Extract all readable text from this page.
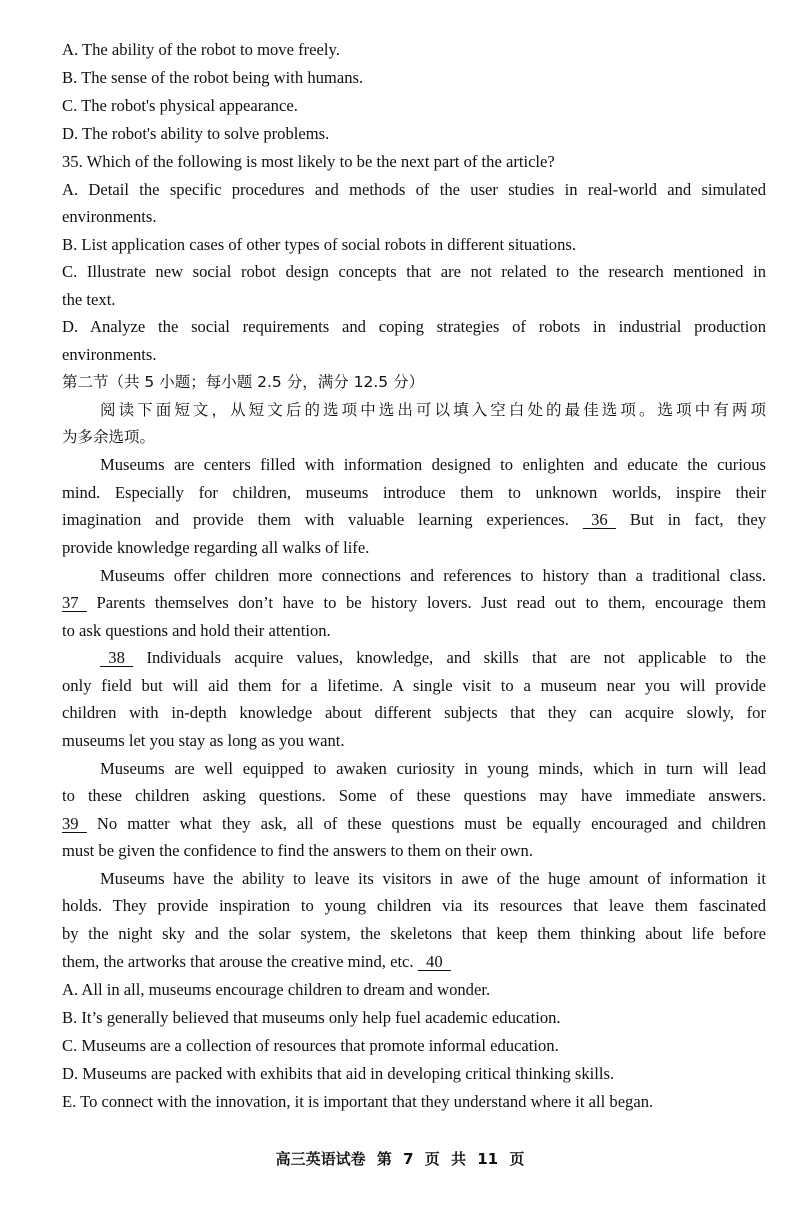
A. The ability of the robot to move freely.
B. The sense of the robot being with humans.
C. The robot's physical appearance.
D. The robot's ability to solve problems.
35. Which of the following is most likely to be the next part of the article?
A. Detail the specific procedures and methods of the user studies in real-world and simulated
environments.
B. List application cases of other types of social robots in different situations.
C. Illustrate new social robot design concepts that are not related to the research mentioned in
the text.
D. Analyze the social requirements and coping strategies of robots in industrial production
environments.
第二节（共 5 小题；每小题 2.5 分，满分 12.5 分）
阅读下面短文，从短文后的选项中选出可以填入空白处的最佳选项。选项中有两项
为多余选项。
Museums are centers filled with information designed to enlighten and educate the curious
mind. Especially for children, museums introduce them to unknown worlds, inspire their
imagination and provide them with valuable learning experiences.   36   But in fact, they
provide knowledge regarding all walks of life.
Museums offer children more connections and references to history than a traditional class.
37   Parents themselves don’t have to be history lovers. Just read out to them, encourage them
to ask questions and hold their attention.
38   Individuals acquire values, knowledge, and skills that are not applicable to the
only field but will aid them for a lifetime. A single visit to a museum near you will provide
children with in-depth knowledge about different subjects that they can acquire slowly, for
museums let you stay as long as you want.
Museums are well equipped to awaken curiosity in young minds, which in turn will lead
to these children asking questions. Some of these questions may have immediate answers.
39   No matter what they ask, all of these questions must be equally encouraged and children
must be given the confidence to find the answers to them on their own.
Museums have the ability to leave its visitors in awe of the huge amount of information it
holds. They provide inspiration to young children via its resources that leave them fascinated
by the night sky and the solar system, the skeletons that keep them thinking about life before
them, the artworks that arouse the creative mind, etc.   40
A. All in all, museums encourage children to dream and wonder.
B. It’s generally believed that museums only help fuel academic education.
C. Museums are a collection of resources that promote informal education.
D. Museums are packed with exhibits that aid in developing critical thinking skills.
E. To connect with the innovation, it is important that they understand where it all began.
高三英语试卷 第 7 页 共 11 页
